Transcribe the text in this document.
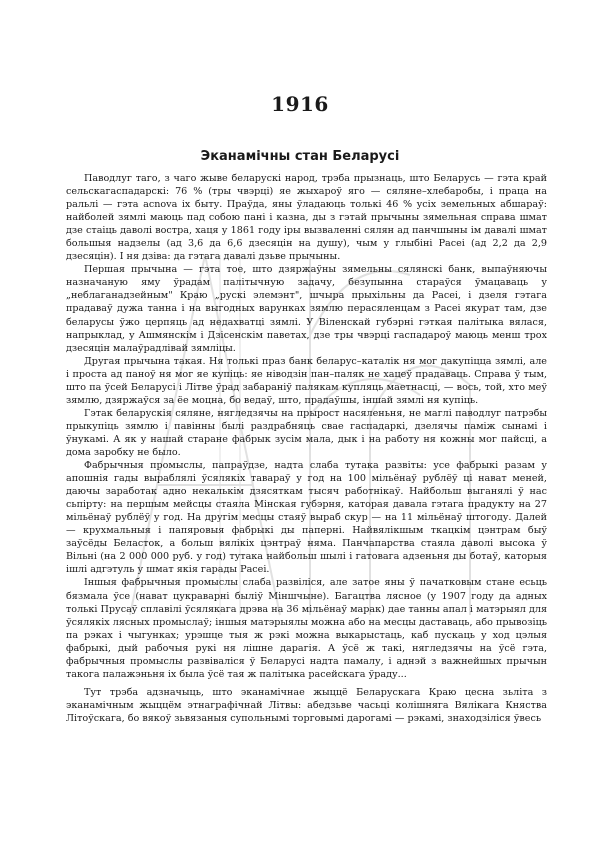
1916
Эканамічны стан Беларусі

Паводлуг таго, з чаго жыве беларускі народ, трэба прызнаць, што Беларусь — гэта край сельскагаспадарскі: 76 % (тры чвэрці) яе жыхароў яго — сяляне–хлебаробы, і праца на ральлі — гэта асnova іх быту. Праўда, яны ўладаюць толькі 46 % усіх земельных абшараў: найболей зямлі маюць пад собою пані і казна, ды з гэтай прычыны зямельная справа шмат дзе стаіць даволі востра, хаця у 1861 году іры вызваленні сялян ад панчшыны ім давалі шмат большыя надзелы (ад 3,6 да 6,6 дзесяцін на душу), чым у глыбіні Расеі (ад 2,2 да 2,9 дзесяцін). І ня дзіва: да гэтага давалі дзьве прычыны.

Першая прычына — гэта тое, што дзяржаўны зямельны сялянскі банк, выпаўняючы назначаную яму ўрадам палітычную задачу, безупынна стараўся ўмацаваць у „неблаганадзейным" Краю „рускі элемэнт", шчыра прыхільны да Расеі, і дзеля гэтага прадаваў дужа танна і на выгодных варунках зямлю перасяленцам з Расеі якурат там, дзе беларусы ўжо церпяць ад недахватці зямлі. У Віленскай губэрні гэткая палітыка вялася, напрыклад, у Ашмянскім і Дзісенскім паветах, дзе тры чвэрці гаспадароў маюць менш трох дзесяцін малаўрадлівай зямліцы.

Другая прычына такая. Ня толькі праз банк беларус–каталік ня мог дакупіцца зямлі, але і проста ад паноў ня мог яе купіць: яе ніводзін пан–паляк не хацеў прадаваць. Справа ў тым, што па ўсей Беларусі і Літве ўрад забараніў палякам купляць маетнасці, — вось, той, хто меў зямлю, дзяржаўся за ёе моцна, бо ведаў, што, прадаўшы, іншай зямлі ня купіць.

Гэтак беларускія сяляне, нягледзячы на прырост насяленьня, не маглі паводлуг патрэбы прыкупіць зямлю і павінны былі раздрабняць свае гаспадаркі, дзелячы паміж сынамі і ўнукамі. А як у нашай старане фабрык зусім мала, дык і на работу ня кожны мог пайсці, а дома заробку не было.

Фабрычныя промыслы, папраўдзе, надта слаба тутака развіты: усе фабрыкі разам у апошнія гады выраблялі ўсялякіх тавараў у год на 100 мільёнаў рублёў ці нават меней, даючы заработак адно некалькім дзясяткам тысяч работнікаў. Найбольш выганялі ў нас сьпірту: на першым мейсцы стаяла Мінская губэрня, каторая давала гэтага прадукту на 27 мільёнаў рублёў у год. На другім месцы стаяў выраб скур — на 11 мільёнаў штогоду. Далей — крухмальныя і папяровыя фабрыкі ды паперні. Найвялікшым ткацкім цэнтрам быў заўсёды Беласток, а больш вялікіх цэнтраў няма. Панчапарства стаяла даволі высока ў Вільні (на 2 000 000 руб. у год) тутака найбольш шылі і гатовага адзеньня ды ботаў, каторыя ішлі адгэтуль у шмат якія гарады Расеі.

Іншыя фабрычныя промыслы слаба развіліся, але затое яны ў пачатковым стане есьць бязмала ўсе (нават цукраварні быліў Міншчыне). Багацтва лясное (у 1907 году да адных толькі Прусаў сплавілі ўсялякага дрэва на 36 мільёнаў марак) дае танны апал і матэрыял для ўсялякіх лясных промыслаў; іншыя матэрыялы можна або на месцы даставаць, або прывозіць па рэках і чыгунках; урэшце тыя ж рэкі можна выкарыстаць, каб пускаць у ход цэлыя фабрыкі, дый рабочыя рукі ня лішне дарагія. А ўсё ж такі, нягледзячы на ўсё гэта, фабрычныя промыслы развіваліся ў Беларусі надта памалу, і аднэй з важнейшых прычын такога палажэньня іх была ўсё тая ж палітыка расейскага ўраду...

Тут трэба адзначыць, што эканамічнае жыццё Беларускага Краю цесна зьліта з эканамічным жыццём этнаграфічнай Літвы: абедзьве часьці колішняга Вялікага Княства Літоўскага, бо вякоў зьвязаныя супольнымі торговымі дарогамі — рэкамі, знаходзіліся ўвесь
